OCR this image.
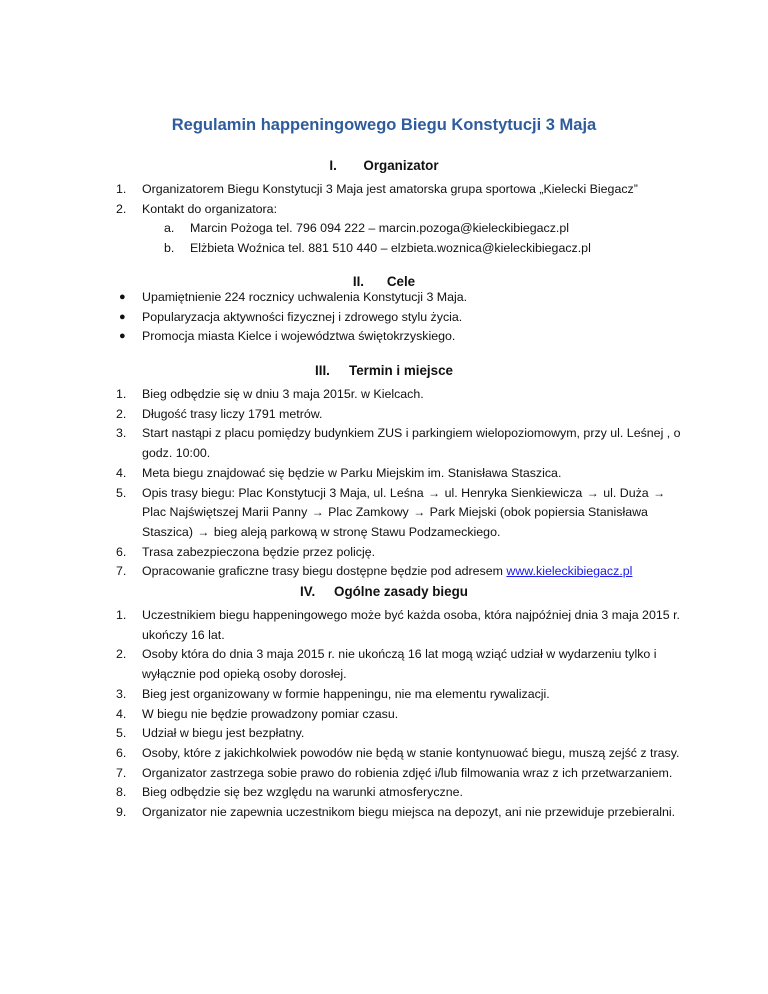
Regulamin happeningowego Biegu Konstytucji 3 Maja
I. Organizator
1. Organizatorem Biegu Konstytucji 3 Maja jest amatorska grupa sportowa „Kielecki Biegacz”
2. Kontakt do organizatora:
a. Marcin Pożoga tel. 796 094 222 – marcin.pozoga@kieleckibiegacz.pl
b. Elżbieta Woźnica tel. 881 510 440 – elzbieta.woznica@kieleckibiegacz.pl
II. Cele
● Upamiętnienie 224 rocznicy uchwalenia Konstytucji 3 Maja.
● Popularyzacja aktywności fizycznej i zdrowego stylu życia.
● Promocja miasta Kielce i województwa świętokrzyskiego.
III. Termin i miejsce
1. Bieg odbędzie się w dniu 3 maja 2015r. w Kielcach.
2. Długość trasy liczy 1791 metrów.
3. Start nastąpi z placu pomiędzy budynkiem ZUS i parkingiem wielopoziomowym, przy ul. Leśnej , o godz. 10:00.
4. Meta biegu znajdować się będzie w Parku Miejskim im. Stanisława Staszica.
5. Opis trasy biegu: Plac Konstytucji 3 Maja, ul. Leśna → ul. Henryka Sienkiewicza → ul. Duża → Plac Najświętszej Marii Panny → Plac Zamkowy → Park Miejski (obok popiersia Stanisława Staszica) → bieg aleją parkową w stronę Stawu Podzameckiego.
6. Trasa zabezpieczona będzie przez policję.
7. Opracowanie graficzne trasy biegu dostępne będzie pod adresem www.kieleckibiegacz.pl
IV. Ogólne zasady biegu
1. Uczestnikiem biegu happeningowego może być każda osoba, która najpóźniej dnia 3 maja 2015 r. ukończy 16 lat.
2. Osoby która do dnia 3 maja 2015 r. nie ukończą 16 lat mogą wziąć udział w wydarzeniu tylko i wyłącznie pod opieką osoby dorosłej.
3. Bieg jest organizowany w formie happeningu, nie ma elementu rywalizacji.
4. W biegu nie będzie prowadzony pomiar czasu.
5. Udział w biegu jest bezpłatny.
6. Osoby, które z jakichkolwiek powodów nie będą w stanie kontynuować biegu, muszą zejść z trasy.
7. Organizator zastrzega sobie prawo do robienia zdjęć i/lub filmowania wraz z ich przetwarzaniem.
8. Bieg odbędzie się bez względu na warunki atmosferyczne.
9. Organizator nie zapewnia uczestnikom biegu miejsca na depozyt, ani nie przewiduje przebieralni.
